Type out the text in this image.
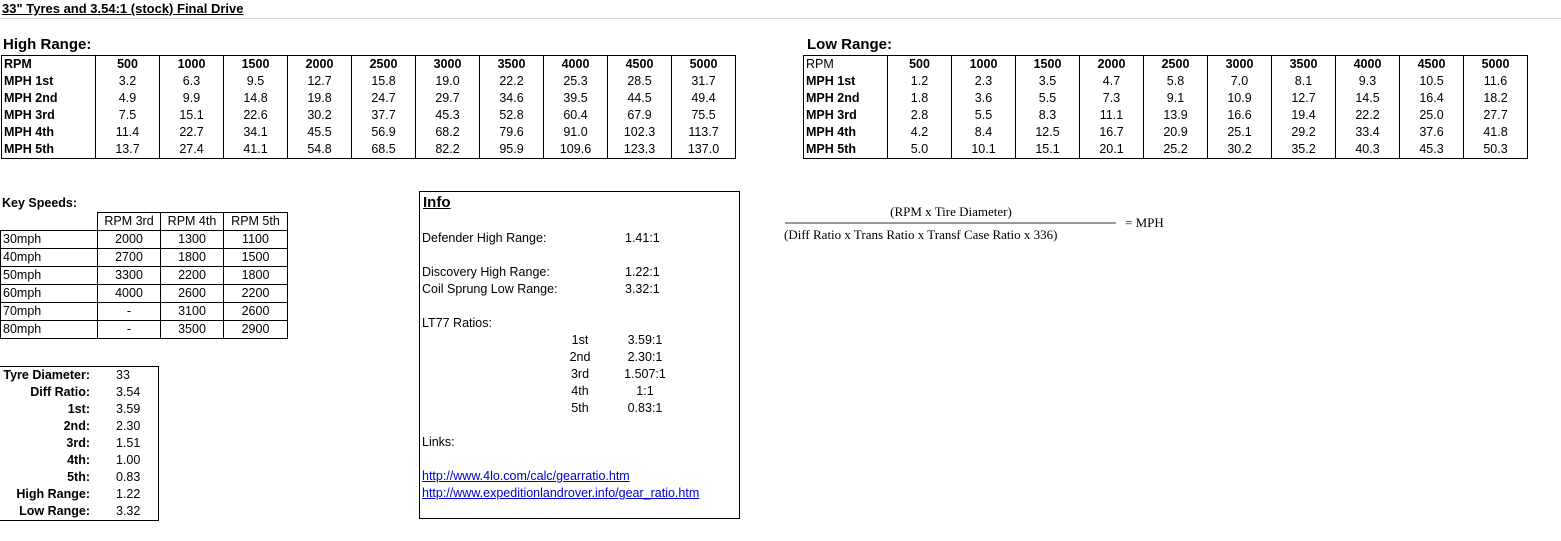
33" Tyres and 3.54:1 (stock) Final Drive
High Range:
RPM	500	1000	1500	2000	2500	3000	3500	4000	4500	5000
MPH 1st	3.2	6.3	9.5	12.7	15.8	19.0	22.2	25.3	28.5	31.7
MPH 2nd	4.9	9.9	14.8	19.8	24.7	29.7	34.6	39.5	44.5	49.4
MPH 3rd	7.5	15.1	22.6	30.2	37.7	45.3	52.8	60.4	67.9	75.5
MPH 4th	11.4	22.7	34.1	45.5	56.9	68.2	79.6	91.0	102.3	113.7
MPH 5th	13.7	27.4	41.1	54.8	68.5	82.2	95.9	109.6	123.3	137.0
Low Range:
RPM	500	1000	1500	2000	2500	3000	3500	4000	4500	5000
MPH 1st	1.2	2.3	3.5	4.7	5.8	7.0	8.1	9.3	10.5	11.6
MPH 2nd	1.8	3.6	5.5	7.3	9.1	10.9	12.7	14.5	16.4	18.2
MPH 3rd	2.8	5.5	8.3	11.1	13.9	16.6	19.4	22.2	25.0	27.7
MPH 4th	4.2	8.4	12.5	16.7	20.9	25.1	29.2	33.4	37.6	41.8
MPH 5th	5.0	10.1	15.1	20.1	25.2	30.2	35.2	40.3	45.3	50.3
Key Speeds:
	RPM 3rd	RPM 4th	RPM 5th
30mph	2000	1300	1100
40mph	2700	1800	1500
50mph	3300	2200	1800
60mph	4000	2600	2200
70mph	-	3100	2600
80mph	-	3500	2900
Tyre Diameter:	33
Diff Ratio:	3.54
1st:	3.59
2nd:	2.30
3rd:	1.51
4th:	1.00
5th:	0.83
High Range:	1.22
Low Range:	3.32
Info
Defender High Range:	1.41:1
Discovery High Range:	1.22:1
Coil Sprung Low Range:	3.32:1
LT77 Ratios:
1st	3.59:1
2nd	2.30:1
3rd	1.507:1
4th	1:1
5th	0.83:1
Links:
http://www.4lo.com/calc/gearratio.htm
http://www.expeditionlandrover.info/gear_ratio.htm
(RPM x Tire Diameter)
(Diff Ratio x Trans Ratio x Transf Case Ratio x 336)
= MPH
